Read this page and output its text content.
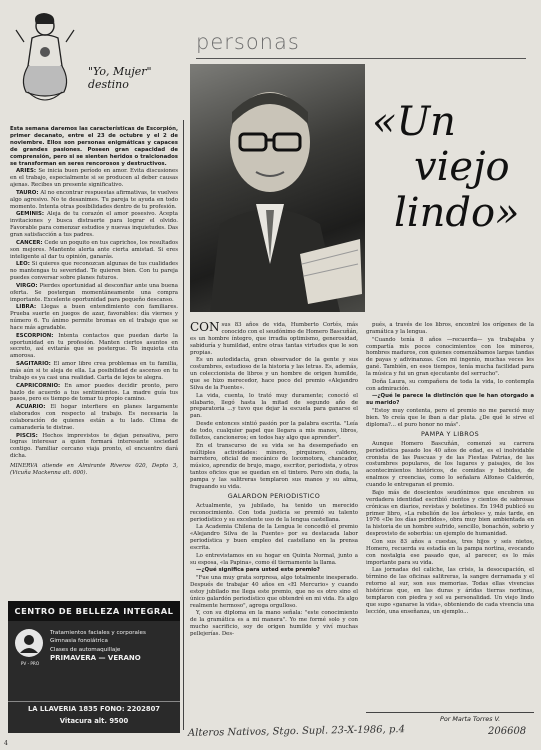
personas
"Yo, Mujer" destino

Esta semana daremos las características de Escorpión, primer decanato, entre el 23 de octubre y el 2 de noviembre. Ellos son personas enigmáticas y capaces de grandes pasiones. Poseen gran capacidad de comprensión, pero si se sienten heridos o traicionados se transforman en seres rencorosos y destructivos.

ARIES: Se inicia buen período en amor. Evita discusiones en el trabajo, especialmente si se producen al deber causas ajenas. Recibes un presente significativo.

TAURO: Al no encontrar respuestas afirmativas, te vuelves algo agresivo. No te desanimes. Tu pareja te ayuda en todo momento. Intenta otras posibilidades dentro de tu profesión.

GEMINIS: Aleja de tu corazón el amor posesivo. Acepta invitaciones y busca distraerte para lograr el olvido. Favorable para comenzar estudios y nuevas inquietudes. Das gran satisfacción a tus padres.

CANCER: Cede un poquito en tus caprichos, los resultados son mejores. Mantente alerta ante cierta amistad. Si eres inteligente al dar tu opinión, ganarás.

LEO: Si quieres que reconozcan algunas de tus cualidades no mantengas tu severidad. Te quieren bien. Con tu pareja puedes conversar sobre planes futuros.

VIRGO: Pierdes oportunidad al desconfiar ante una buena oferta. Se postergan momentáneamente una compra importante. Excelente oportunidad para pequeño descanso.

LIBRA: Llegas a buen entendimiento con familiares. Prueba suerte en juegos de azar, favorables: día viernes y número 6. Tu ánimo permite bromas en el trabajo que se hace más agradable.

ESCORPION: Intenta contactos que puedan darte la oportunidad en tu profesión. Manten ciertos asuntos en secreto, así evitarás que se postergue. Te inquieta cita amorosa.

SAGITARIO: El amor libre crea problemas en tu familia, más aún si te aleja de ella. La posibilidad de ascenso en tu trabajo es ya casi una realidad. Carta de lejos te alegra.

CAPRICORNIO: En amor puedes decidir pronto, pero hazlo de acuerdo a tus sentimientos. La madre guía tus pasos, pero es tiempo de tomar tu propio camino.

ACUARIO: El hogar interfiere en planes largamente elaborados con respecto al trabajo. Es necesaria la colaboración de quienes están a tu lado. Clima de camaradería te distrae.

PISCIS: Hechos imprevistos te dejan pensativa, pero logras interesar a quien formará interesante sociedad contigo. Familiar cercano viaja pronto, el encuentro dará dicha.

MINERVA atiende en Almirante Riveros 020, Depto 3, (Vicuña Mackenna alt. 600).

CENTRO DE BELLEZA INTEGRAL
PV - PRO
Tratamientos faciales y corporales
Gimnasia fonoiátrica
Clases de automaquillaje
PRIMAVERA — VERANO
LA LLAVERIA 1835 FONO: 2202807
Vitacura alt. 9500
«Un
viejo
lindo»

CON sus 83 años de vida, Humberto Cortés, más conocido con el seudónimo de Homero Bascuñán, es un hombre íntegro, que irradia optimismo, generosidad, sabiduría y humildad, entre otras tantas virtudes que le son propias.

Es un autodidacta, gran observador de la gente y sus costumbres, estudioso de la historia y las letras. Es, además, un coleccionista de libros y un hombre de origen humilde, que se hizo merecedor, hace poco del premio «Alejandro Silva de la Fuente».

La vida, cuenta, lo trató muy duramente; conoció el silabario, llegó hasta la mitad de segundo año de preparatoria ...y tuvo que dejar la escuela para ganarse el pan.

Desde entonces sintió pasión por la palabra escrita. "Leía de todo, cualquier papel que llegara a mis manos, libros, folletos, cancioneros; en todos hay algo que aprender".

En el transcurso de su vida se ha desempeñado en múltiples actividades: minero, pirquinero, caldero, barretero, oficial de mecánico de locomotora, chancador, músico, aprendiz de brujo, mago, escritor, periodista, y otros tantos oficios que se quedan en el tintero. Pero sin duda, la pampa y las salitreras templaron sus manos y su alma, fraguando su vida.

GALARDON PERIODISTICO

Actualmente, ya jubilado, ha tenido un merecido reconocimiento. Con toda justicia se premió su talento periodístico y su excelente uso de la lengua castellana.

La Academia Chilena de la Lengua le concedió el premio «Alejandro Silva de la Fuente» por su destacada labor periodística y buen empleo del castellano en la prensa escrita.

Lo entrevistamos en su hogar en Quinta Normal, junto a su esposa, «la Papina», como él tiernamente la llama.

—¿Qué significa para usted este premio?

"Fue una muy grata sorpresa, algo totalmente inesperado. Después de trabajar 40 años en «El Mercurio» y cuando estoy jubilado me llega este premio, que no es otro sino el único galardón periodístico que obtendré en mi vida. Es algo realmente hermoso", agrega orgulloso.

Y, con su diploma en la mano señala: "este conocimiento de la gramática es a mi manera". Yo me formé solo y con mucho sacrificio, soy de origen humilde y viví muchas pellejerías. Des-

pués, a través de los libros, encontré los orígenes de la gramática y la lengua.

"Cuando tenía 8 años —recuerda— ya trabajaba y compartía mis pocos conocimientos con los mineros, hombres maduros, con quienes comenzábamos largas tandas de payas y adivinanzas. Con mi ingenio, muchas veces les gané. También, en esos tiempos, tenía mucha facilidad para la música y fui un gran ejecutante del serrucho".

Doña Laura, su compañera de toda la vida, lo contempla con admiración.

—¿Qué le parece la distinción que le han otorgado a su marido?

"Estoy muy contenta, pero el premio no me pareció muy bien. Yo creía que le iban a dar plata. ¿De qué le sirve el diploma?... el puro honor no más".

PAMPA Y LIBROS

Aunque Homero Bascuñán, comenzó su carrera periodística pasado los 40 años de edad, es el inolvidable cronista de las Pascuas y de las Fiestas Patrias, de las costumbres populares, de los lugares y paisajes, de los acontecimientos históricos, de comidas y bebidas, de enalmos y creencias, como lo señalara Alfonso Calderón, cuando le entregaran el premio.

Bajo más de doscientos seudónimos que encubren su verdadera identidad escribió cientos y cientos de sabrosas crónicas en diarios, revistas y boletines. En 1948 publicó su primer libro, «La rebelión de los árboles» y, más tarde, en 1976 «De los días perdidos», obra muy bien ambientada en la historia de un hombre sufrido, sencillo, bonachón, sobrio y desprovisto de soberbia: un ejemplo de humanidad.

Con sus 83 años a cuestas, tres hijos y seis nietos, Homero, recuerda su estadía en la pampa nortina, evocando con nostalgia ese pasado que, al parecer, es lo más importante para su vida.

Las jornadas del caliche, las crisis, la desocupación, el término de las oficinas salitreras, la sangre derramada y el retorno al sur, son sus memorias. Todas ellas vivencias históricas que, en las duras y áridas tierras nortinas, templaron con piedra y sol su personalidad. Un viejo lindo que supo «ganarse la vida», obteniendo de cada vivencia una lección, una enseñanza, un ejemplo...

Por Marta Torres V.
4
Alteros Nativos, Stgo. Supl. 23-X-1986, p.4	206608
